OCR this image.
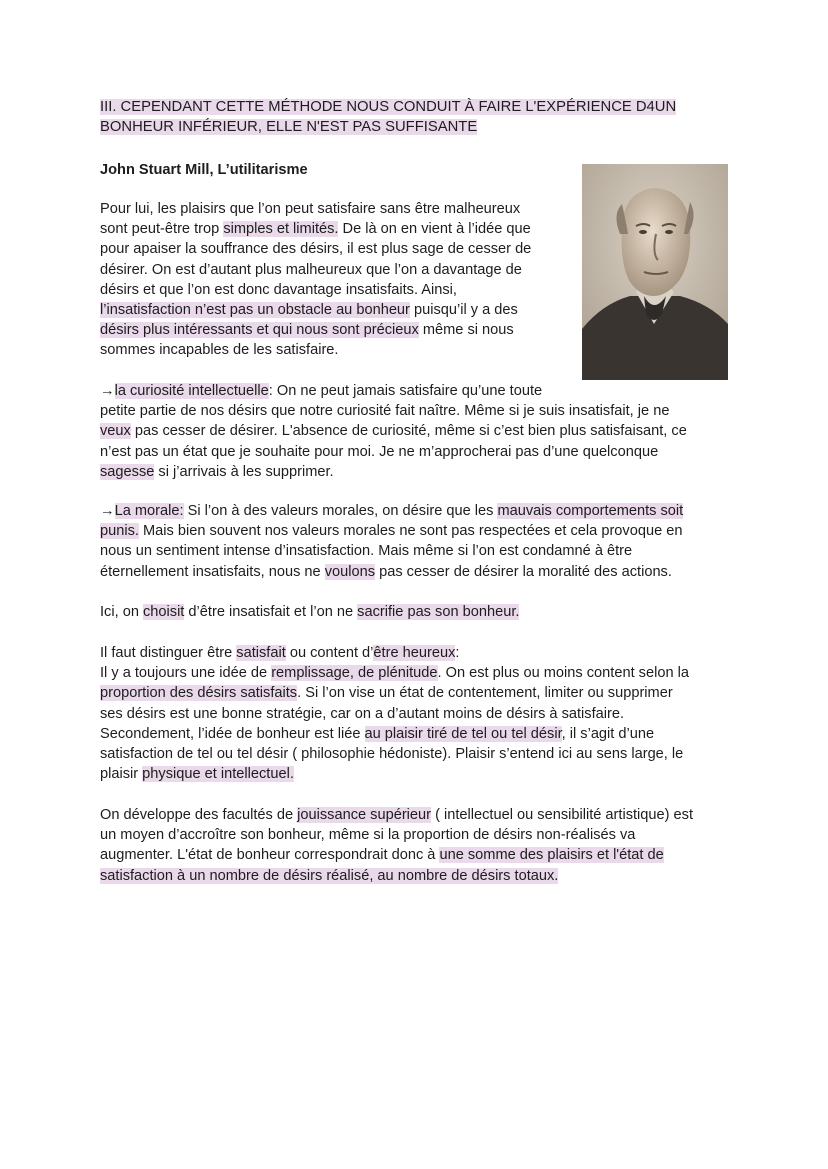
III. CEPENDANT CETTE MÉTHODE NOUS CONDUIT À FAIRE L'EXPÉRIENCE D4UN
BONHEUR INFÉRIEUR, ELLE N'EST PAS SUFFISANTE
John Stuart Mill, L’utilitarisme
Pour lui, les plaisirs que l’on peut satisfaire sans être malheureux
sont peut-être trop simples et limités. De là on en vient à l’idée que
pour apaiser la souffrance des désirs, il est plus sage de cesser de
désirer. On est d’autant plus malheureux que l’on a davantage de
désirs et que l’on est donc davantage insatisfaits. Ainsi,
l’insatisfaction n’est pas un obstacle au bonheur puisqu’il y a des
désirs plus intéressants et qui nous sont précieux même si nous
sommes incapables de les satisfaire.
→la curiosité intellectuelle: On ne peut jamais satisfaire qu’une toute
petite partie de nos désirs que notre curiosité fait naître. Même si je suis insatisfait, je ne
veux pas cesser de désirer. L'absence de curiosité, même si c’est bien plus satisfaisant, ce
n’est pas un état que je souhaite pour moi. Je ne m’approcherai pas d’une quelconque
sagesse si j’arrivais à les supprimer.
→La morale: Si l’on à des valeurs morales, on désire que les mauvais comportements soit
punis. Mais bien souvent nos valeurs morales ne sont pas respectées et cela provoque en
nous un sentiment intense d’insatisfaction. Mais même si l’on est condamné à être
éternellement insatisfaits, nous ne voulons pas cesser de désirer la moralité des actions.
Ici, on choisit d’être insatisfait et l’on ne sacrifie pas son bonheur.
Il faut distinguer être satisfait ou content d’être heureux:
Il y a toujours une idée de remplissage, de plénitude. On est plus ou moins content selon la
proportion des désirs satisfaits. Si l’on vise un état de contentement, limiter ou supprimer
ses désirs est une bonne stratégie, car on a d’autant moins de désirs à satisfaire.
Secondement, l’idée de bonheur est liée au plaisir tiré de tel ou tel désir, il s’agit d’une
satisfaction de tel ou tel désir ( philosophie hédoniste). Plaisir s’entend ici au sens large, le
plaisir physique et intellectuel.
On développe des facultés de jouissance supérieur ( intellectuel ou sensibilité artistique) est
un moyen d’accroître son bonheur, même si la proportion de désirs non-réalisés va
augmenter. L'état de bonheur correspondrait donc à une somme des plaisirs et l'état de
satisfaction à un nombre de désirs réalisé, au nombre de désirs totaux.
